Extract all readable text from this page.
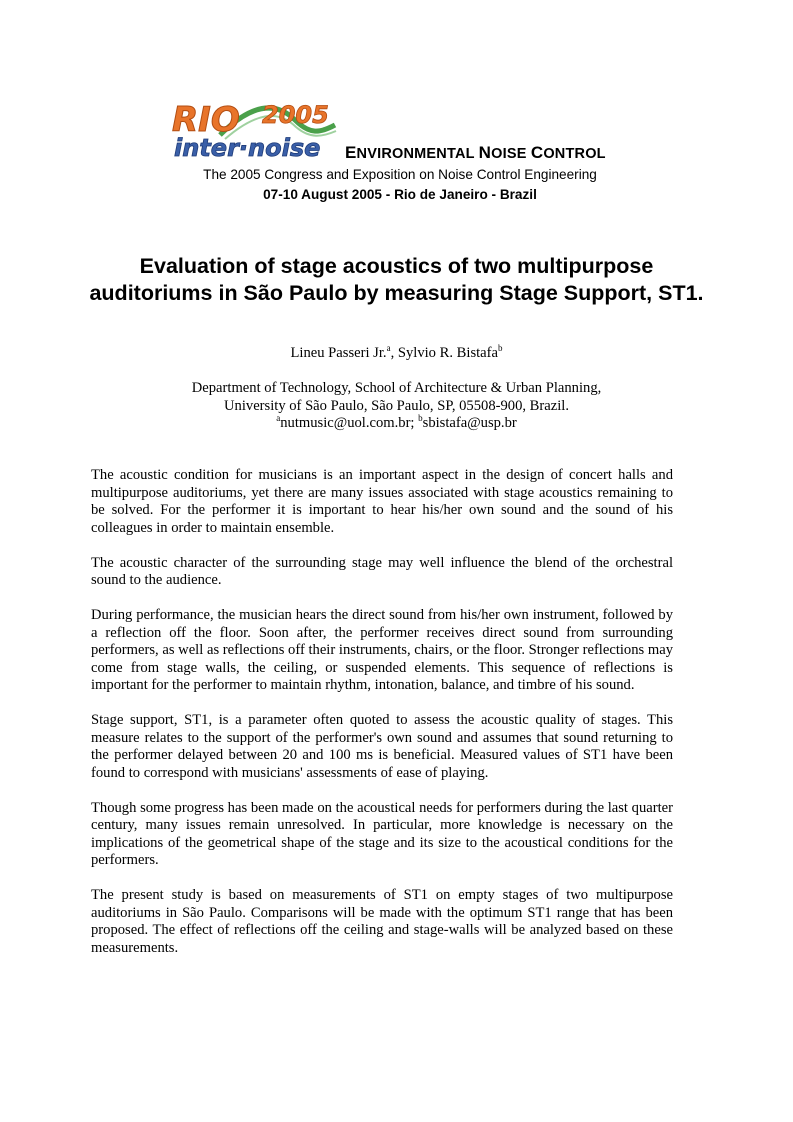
RIO 2005
inter·noise ENVIRONMENTAL NOISE CONTROL
The 2005 Congress and Exposition on Noise Control Engineering
07-10 August 2005 - Rio de Janeiro - Brazil
Evaluation of stage acoustics of two multipurpose auditoriums in São Paulo by measuring Stage Support, ST1.
Lineu Passeri Jr.$^a$, Sylvio R. Bistafa$^b$
Department of Technology, School of Architecture & Urban Planning,
University of São Paulo, São Paulo, SP, 05508-900, Brazil.
$^a$nutmusic@uol.com.br; $^b$sbistafa@usp.br

The acoustic condition for musicians is an important aspect in the design of concert halls and multipurpose auditoriums, yet there are many issues associated with stage acoustics remaining to be solved. For the performer it is important to hear his/her own sound and the sound of his colleagues in order to maintain ensemble.

The acoustic character of the surrounding stage may well influence the blend of the orchestral sound to the audience.

During performance, the musician hears the direct sound from his/her own instrument, followed by a reflection off the floor. Soon after, the performer receives direct sound from surrounding performers, as well as reflections off their instruments, chairs, or the floor. Stronger reflections may come from stage walls, the ceiling, or suspended elements. This sequence of reflections is important for the performer to maintain rhythm, intonation, balance, and timbre of his sound.

Stage support, ST1, is a parameter often quoted to assess the acoustic quality of stages. This measure relates to the support of the performer's own sound and assumes that sound returning to the performer delayed between 20 and 100 ms is beneficial. Measured values of ST1 have been found to correspond with musicians' assessments of ease of playing.

Though some progress has been made on the acoustical needs for performers during the last quarter century, many issues remain unresolved. In particular, more knowledge is necessary on the implications of the geometrical shape of the stage and its size to the acoustical conditions for the performers.

The present study is based on measurements of ST1 on empty stages of two multipurpose auditoriums in São Paulo. Comparisons will be made with the optimum ST1 range that has been proposed. The effect of reflections off the ceiling and stage-walls will be analyzed based on these measurements.
